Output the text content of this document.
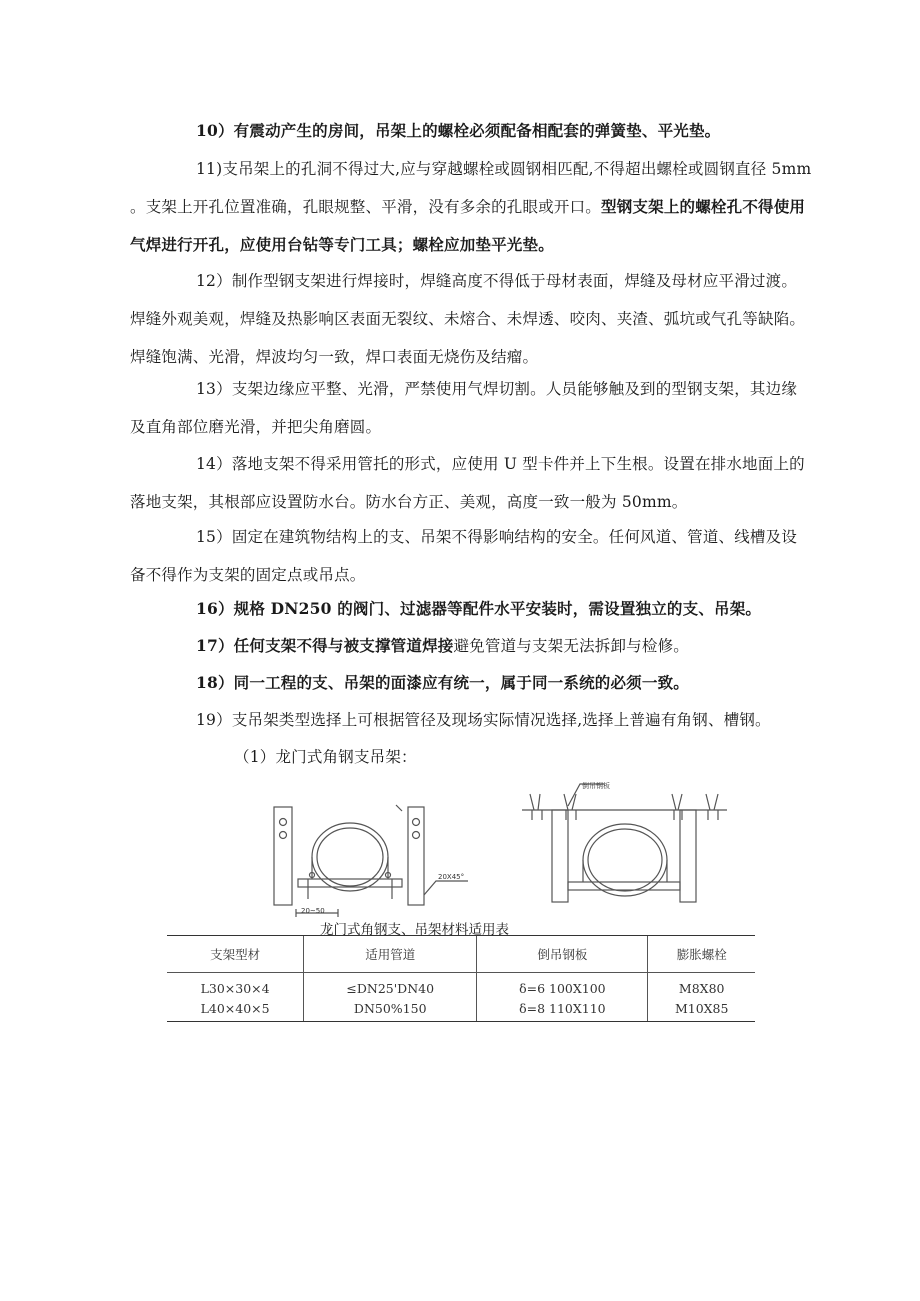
10）有震动产生的房间，吊架上的螺栓必须配备相配套的弹簧垫、平光垫。

11)支吊架上的孔洞不得过大,应与穿越螺栓或圆钢相匹配,不得超出螺栓或圆钢直径 5mm
。支架上开孔位置准确，孔眼规整、平滑，没有多余的孔眼或开口。型钢支架上的螺栓孔不得使用
气焊进行开孔，应使用台钻等专门工具；螺栓应加垫平光垫。

12）制作型钢支架进行焊接时，焊缝高度不得低于母材表面，焊缝及母材应平滑过渡。
焊缝外观美观，焊缝及热影响区表面无裂纹、未熔合、未焊透、咬肉、夹渣、弧坑或气孔等缺陷。
焊缝饱满、光滑，焊波均匀一致，焊口表面无烧伤及结瘤。

13）支架边缘应平整、光滑，严禁使用气焊切割。人员能够触及到的型钢支架，其边缘
及直角部位磨光滑，并把尖角磨圆。

14）落地支架不得采用管托的形式，应使用 U 型卡件并上下生根。设置在排水地面上的
落地支架，其根部应设置防水台。防水台方正、美观，高度一致一般为 50mm。

15）固定在建筑物结构上的支、吊架不得影响结构的安全。任何风道、管道、线槽及设
备不得作为支架的固定点或吊点。

16）规格 DN250 的阀门、过滤器等配件水平安装时，需设置独立的支、吊架。

17）任何支架不得与被支撑管道焊接避免管道与支架无法拆卸与检修。

18）同一工程的支、吊架的面漆应有统一，属于同一系统的必须一致。

19）支吊架类型选择上可根据管径及现场实际情况选择,选择上普遍有角钢、槽钢。

（1）龙门式角钢支吊架：

20X45°
20~50
倒吊钢板
龙门式角钢支、吊架材料适用表
支架型材	适用管道	倒吊钢板	膨胀螺栓
L30×30×4	≤DN25'DN40	δ=6 100X100	M8X80
L40×40×5	DN50%150	δ=8 110X110	M10X85
